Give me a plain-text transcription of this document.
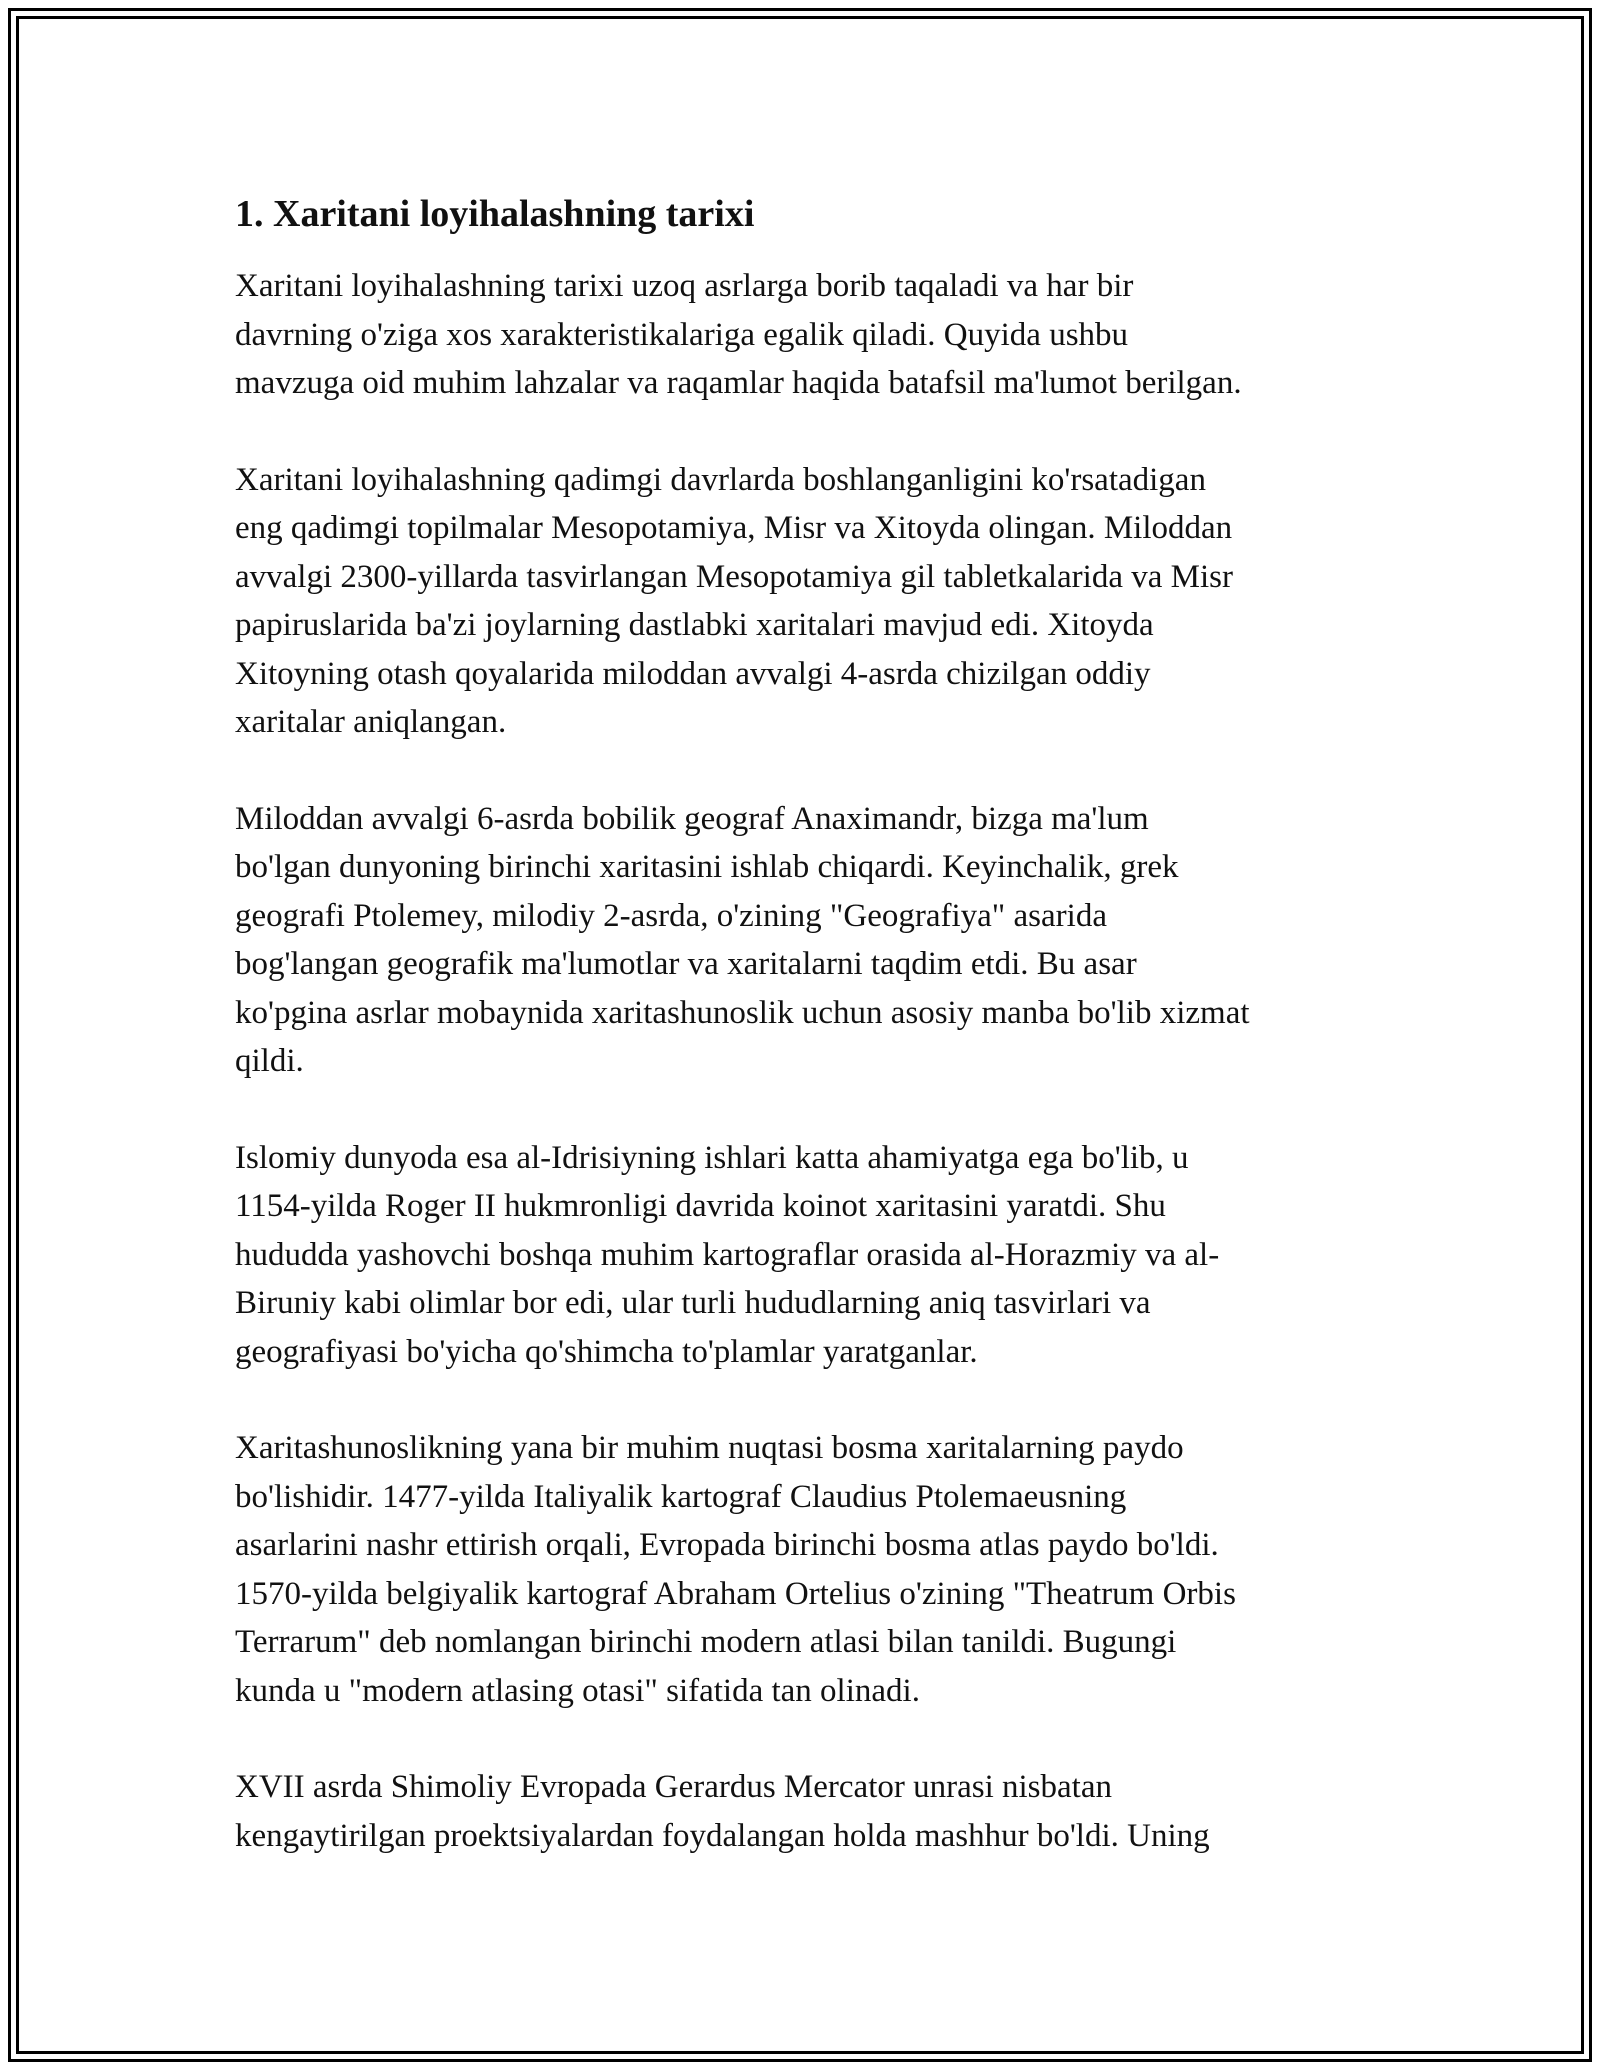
1. Xaritani loyihalashning tarixi

Xaritani loyihalashning tarixi uzoq asrlarga borib taqaladi va har bir
davrning o'ziga xos xarakteristikalariga egalik qiladi. Quyida ushbu
mavzuga oid muhim lahzalar va raqamlar haqida batafsil ma'lumot berilgan.

Xaritani loyihalashning qadimgi davrlarda boshlanganligini ko'rsatadigan
eng qadimgi topilmalar Mesopotamiya, Misr va Xitoyda olingan. Miloddan
avvalgi 2300-yillarda tasvirlangan Mesopotamiya gil tabletkalarida va Misr
papiruslarida ba'zi joylarning dastlabki xaritalari mavjud edi. Xitoyda
Xitoyning otash qoyalarida miloddan avvalgi 4-asrda chizilgan oddiy
xaritalar aniqlangan.

Miloddan avvalgi 6-asrda bobilik geograf Anaximandr, bizga ma'lum
bo'lgan dunyoning birinchi xaritasini ishlab chiqardi. Keyinchalik, grek
geografi Ptolemey, milodiy 2-asrda, o'zining "Geografiya" asarida
bog'langan geografik ma'lumotlar va xaritalarni taqdim etdi. Bu asar
ko'pgina asrlar mobaynida xaritashunoslik uchun asosiy manba bo'lib xizmat
qildi.

Islomiy dunyoda esa al-Idrisiyning ishlari katta ahamiyatga ega bo'lib, u
1154-yilda Roger II hukmronligi davrida koinot xaritasini yaratdi. Shu
hududda yashovchi boshqa muhim kartograflar orasida al-Horazmiy va al-
Biruniy kabi olimlar bor edi, ular turli hududlarning aniq tasvirlari va
geografiyasi bo'yicha qo'shimcha to'plamlar yaratganlar.

Xaritashunoslikning yana bir muhim nuqtasi bosma xaritalarning paydo
bo'lishidir. 1477-yilda Italiyalik kartograf Claudius Ptolemaeusning
asarlarini nashr ettirish orqali, Evropada birinchi bosma atlas paydo bo'ldi.
1570-yilda belgiyalik kartograf Abraham Ortelius o'zining "Theatrum Orbis
Terrarum" deb nomlangan birinchi modern atlasi bilan tanildi. Bugungi
kunda u "modern atlasing otasi" sifatida tan olinadi.

XVII asrda Shimoliy Evropada Gerardus Mercator unrasi nisbatan
kengaytirilgan proektsiyalardan foydalangan holda mashhur bo'ldi. Uning
